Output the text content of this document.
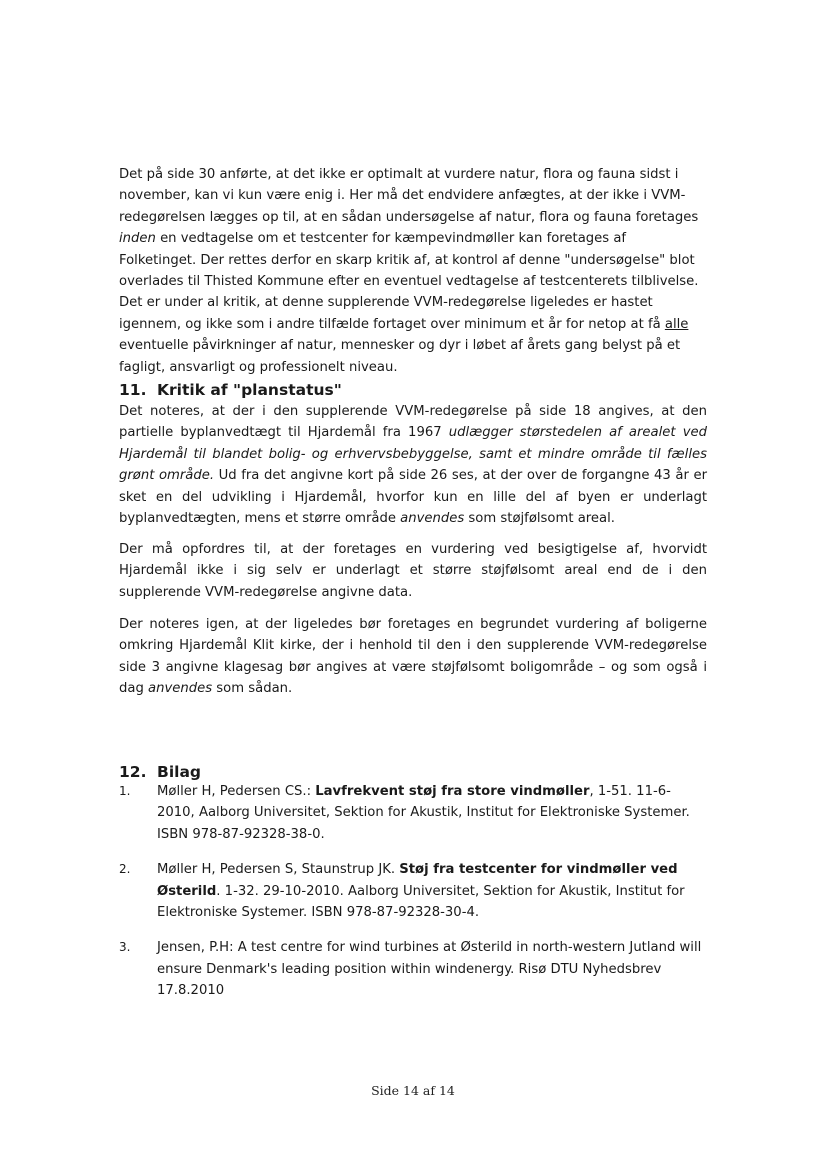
Det på side 30 anførte, at det ikke er optimalt at vurdere natur, flora og fauna sidst i november, kan vi kun være enig i. Her må det endvidere anfægtes, at der ikke i VVM-redegørelsen lægges op til, at en sådan undersøgelse af natur, flora og fauna foretages inden en vedtagelse om et testcenter for kæmpevindmøller kan foretages af Folketinget. Der rettes derfor en skarp kritik af, at kontrol af denne "undersøgelse" blot overlades til Thisted Kommune efter en eventuel vedtagelse af testcenterets tilblivelse. Det er under al kritik, at denne supplerende VVM-redegørelse ligeledes er hastet igennem, og ikke som i andre tilfælde fortaget over minimum et år for netop at få alle eventuelle påvirkninger af natur, mennesker og dyr i løbet af årets gang belyst på et fagligt, ansvarligt og professionelt niveau.

11. Kritik af "planstatus"

Det noteres, at der i den supplerende VVM-redegørelse på side 18 angives, at den partielle byplanvedtægt til Hjardemål fra 1967 udlægger størstedelen af arealet ved Hjardemål til blandet bolig- og erhvervsbebyggelse, samt et mindre område til fælles grønt område. Ud fra det angivne kort på side 26 ses, at der over de forgangne 43 år er sket en del udvikling i Hjardemål, hvorfor kun en lille del af byen er underlagt byplanvedtægten, mens et større område anvendes som støjfølsomt areal.

Der må opfordres til, at der foretages en vurdering ved besigtigelse af, hvorvidt Hjardemål ikke i sig selv er underlagt et større støjfølsomt areal end de i den supplerende VVM-redegørelse angivne data.

Der noteres igen, at der ligeledes bør foretages en begrundet vurdering af boligerne omkring Hjardemål Klit kirke, der i henhold til den i den supplerende VVM-redegørelse side 3 angivne klagesag bør angives at være støjfølsomt boligområde – og som også i dag anvendes som sådan.

12. Bilag
1. Møller H, Pedersen CS.: Lavfrekvent støj fra store vindmøller, 1-51. 11-6-2010, Aalborg Universitet, Sektion for Akustik, Institut for Elektroniske Systemer. ISBN 978-87-92328-38-0.
2. Møller H, Pedersen S, Staunstrup JK. Støj fra testcenter for vindmøller ved Østerild. 1-32. 29-10-2010. Aalborg Universitet, Sektion for Akustik, Institut for Elektroniske Systemer. ISBN 978-87-92328-30-4.
3. Jensen, P.H: A test centre for wind turbines at Østerild in north-western Jutland will ensure Denmark's leading position within windenergy. Risø DTU Nyhedsbrev 17.8.2010
Side 14 af 14
